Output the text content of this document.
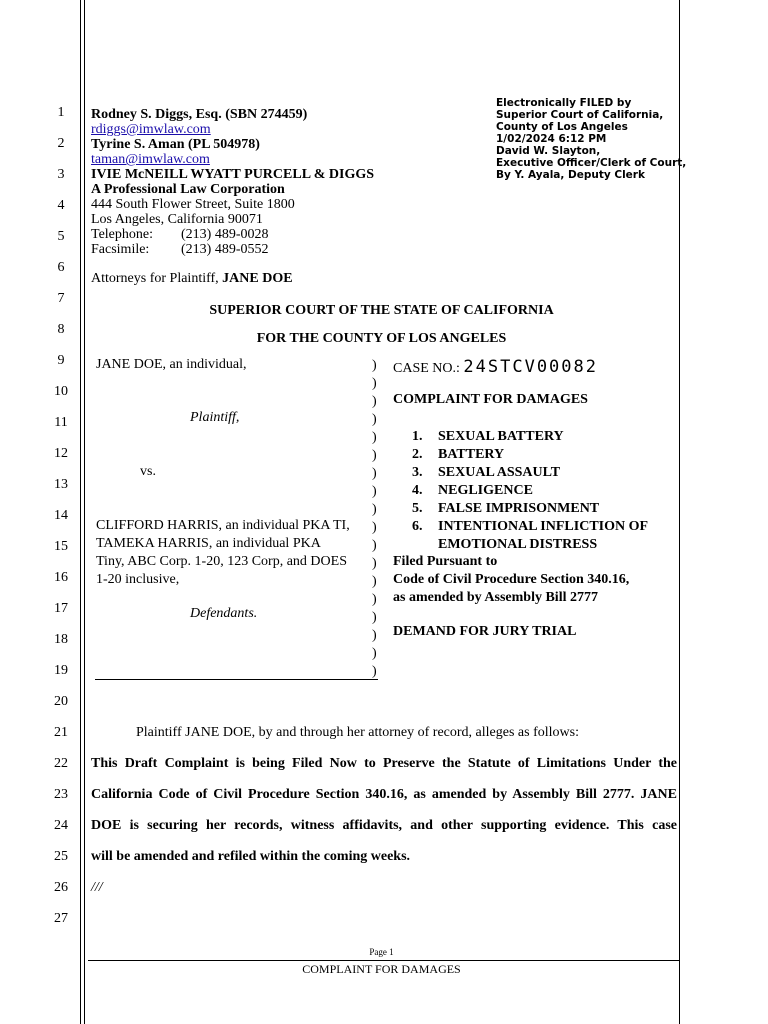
1
2
3
4
5
6
7
8
9
10
11
12
13
14
15
16
17
18
19
20
21
22
23
24
25
26
27
Electronically FILED by
Superior Court of California,
County of Los Angeles
1/02/2024 6:12 PM
David W. Slayton,
Executive Officer/Clerk of Court,
By Y. Ayala, Deputy Clerk
Rodney S. Diggs, Esq. (SBN 274459)
rdiggs@imwlaw.com
Tyrine S. Aman (PL 504978)
taman@imwlaw.com
IVIE McNEILL WYATT PURCELL & DIGGS
A Professional Law Corporation
444 South Flower Street, Suite 1800
Los Angeles, California 90071
Telephone: (213) 489-0028
Facsimile: (213) 489-0552
Attorneys for Plaintiff, JANE DOE
SUPERIOR COURT OF THE STATE OF CALIFORNIA
FOR THE COUNTY OF LOS ANGELES
JANE DOE, an individual,
Plaintiff,
vs.
CLIFFORD HARRIS, an individual PKA TI,
TAMEKA HARRIS, an individual PKA
Tiny, ABC Corp. 1-20, 123 Corp, and DOES
1-20 inclusive,
Defendants.
)
)
)
)
)
)
)
)
)
)
)
)
)
)
)
)
)
)
CASE NO.: 24STCV00082
COMPLAINT FOR DAMAGES
1. SEXUAL BATTERY
2. BATTERY
3. SEXUAL ASSAULT
4. NEGLIGENCE
5. FALSE IMPRISONMENT
6. INTENTIONAL INFLICTION OF
EMOTIONAL DISTRESS
Filed Pursuant to
Code of Civil Procedure Section 340.16,
as amended by Assembly Bill 2777
DEMAND FOR JURY TRIAL
Plaintiff JANE DOE, by and through her attorney of record, alleges as follows:
This Draft Complaint is being Filed Now to Preserve the Statute of Limitations Under the
California Code of Civil Procedure Section 340.16, as amended by Assembly Bill 2777. JANE
DOE is securing her records, witness affidavits, and other supporting evidence. This case
will be amended and refiled within the coming weeks.
///
Page 1
COMPLAINT FOR DAMAGES
